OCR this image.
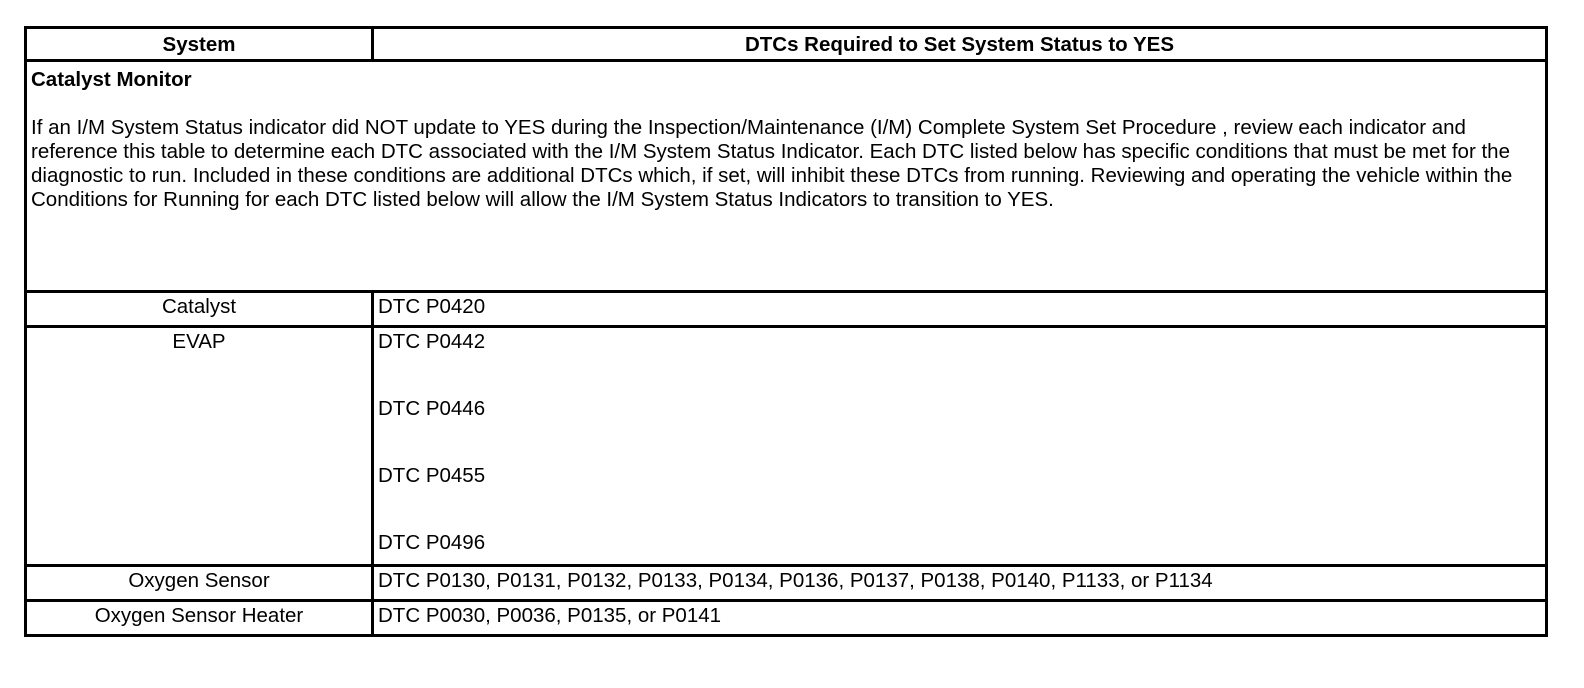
System	DTCs Required to Set System Status to YES

Catalyst Monitor
If an I/M System Status indicator did NOT update to YES during the Inspection/Maintenance (I/M) Complete System Set Procedure , review each indicator and reference this table to determine each DTC associated with the I/M System Status Indicator. Each DTC listed below has specific conditions that must be met for the diagnostic to run. Included in these conditions are additional DTCs which, if set, will inhibit these DTCs from running. Reviewing and operating the vehicle within the Conditions for Running for each DTC listed below will allow the I/M System Status Indicators to transition to YES.	

Catalyst	DTC P0420

EVAP	DTC P0442
DTC P0446
DTC P0455
DTC P0496

Oxygen Sensor	DTC P0130, P0131, P0132, P0133, P0134, P0136, P0137, P0138, P0140, P1133, or P1134

Oxygen Sensor Heater	DTC P0030, P0036, P0135, or P0141
